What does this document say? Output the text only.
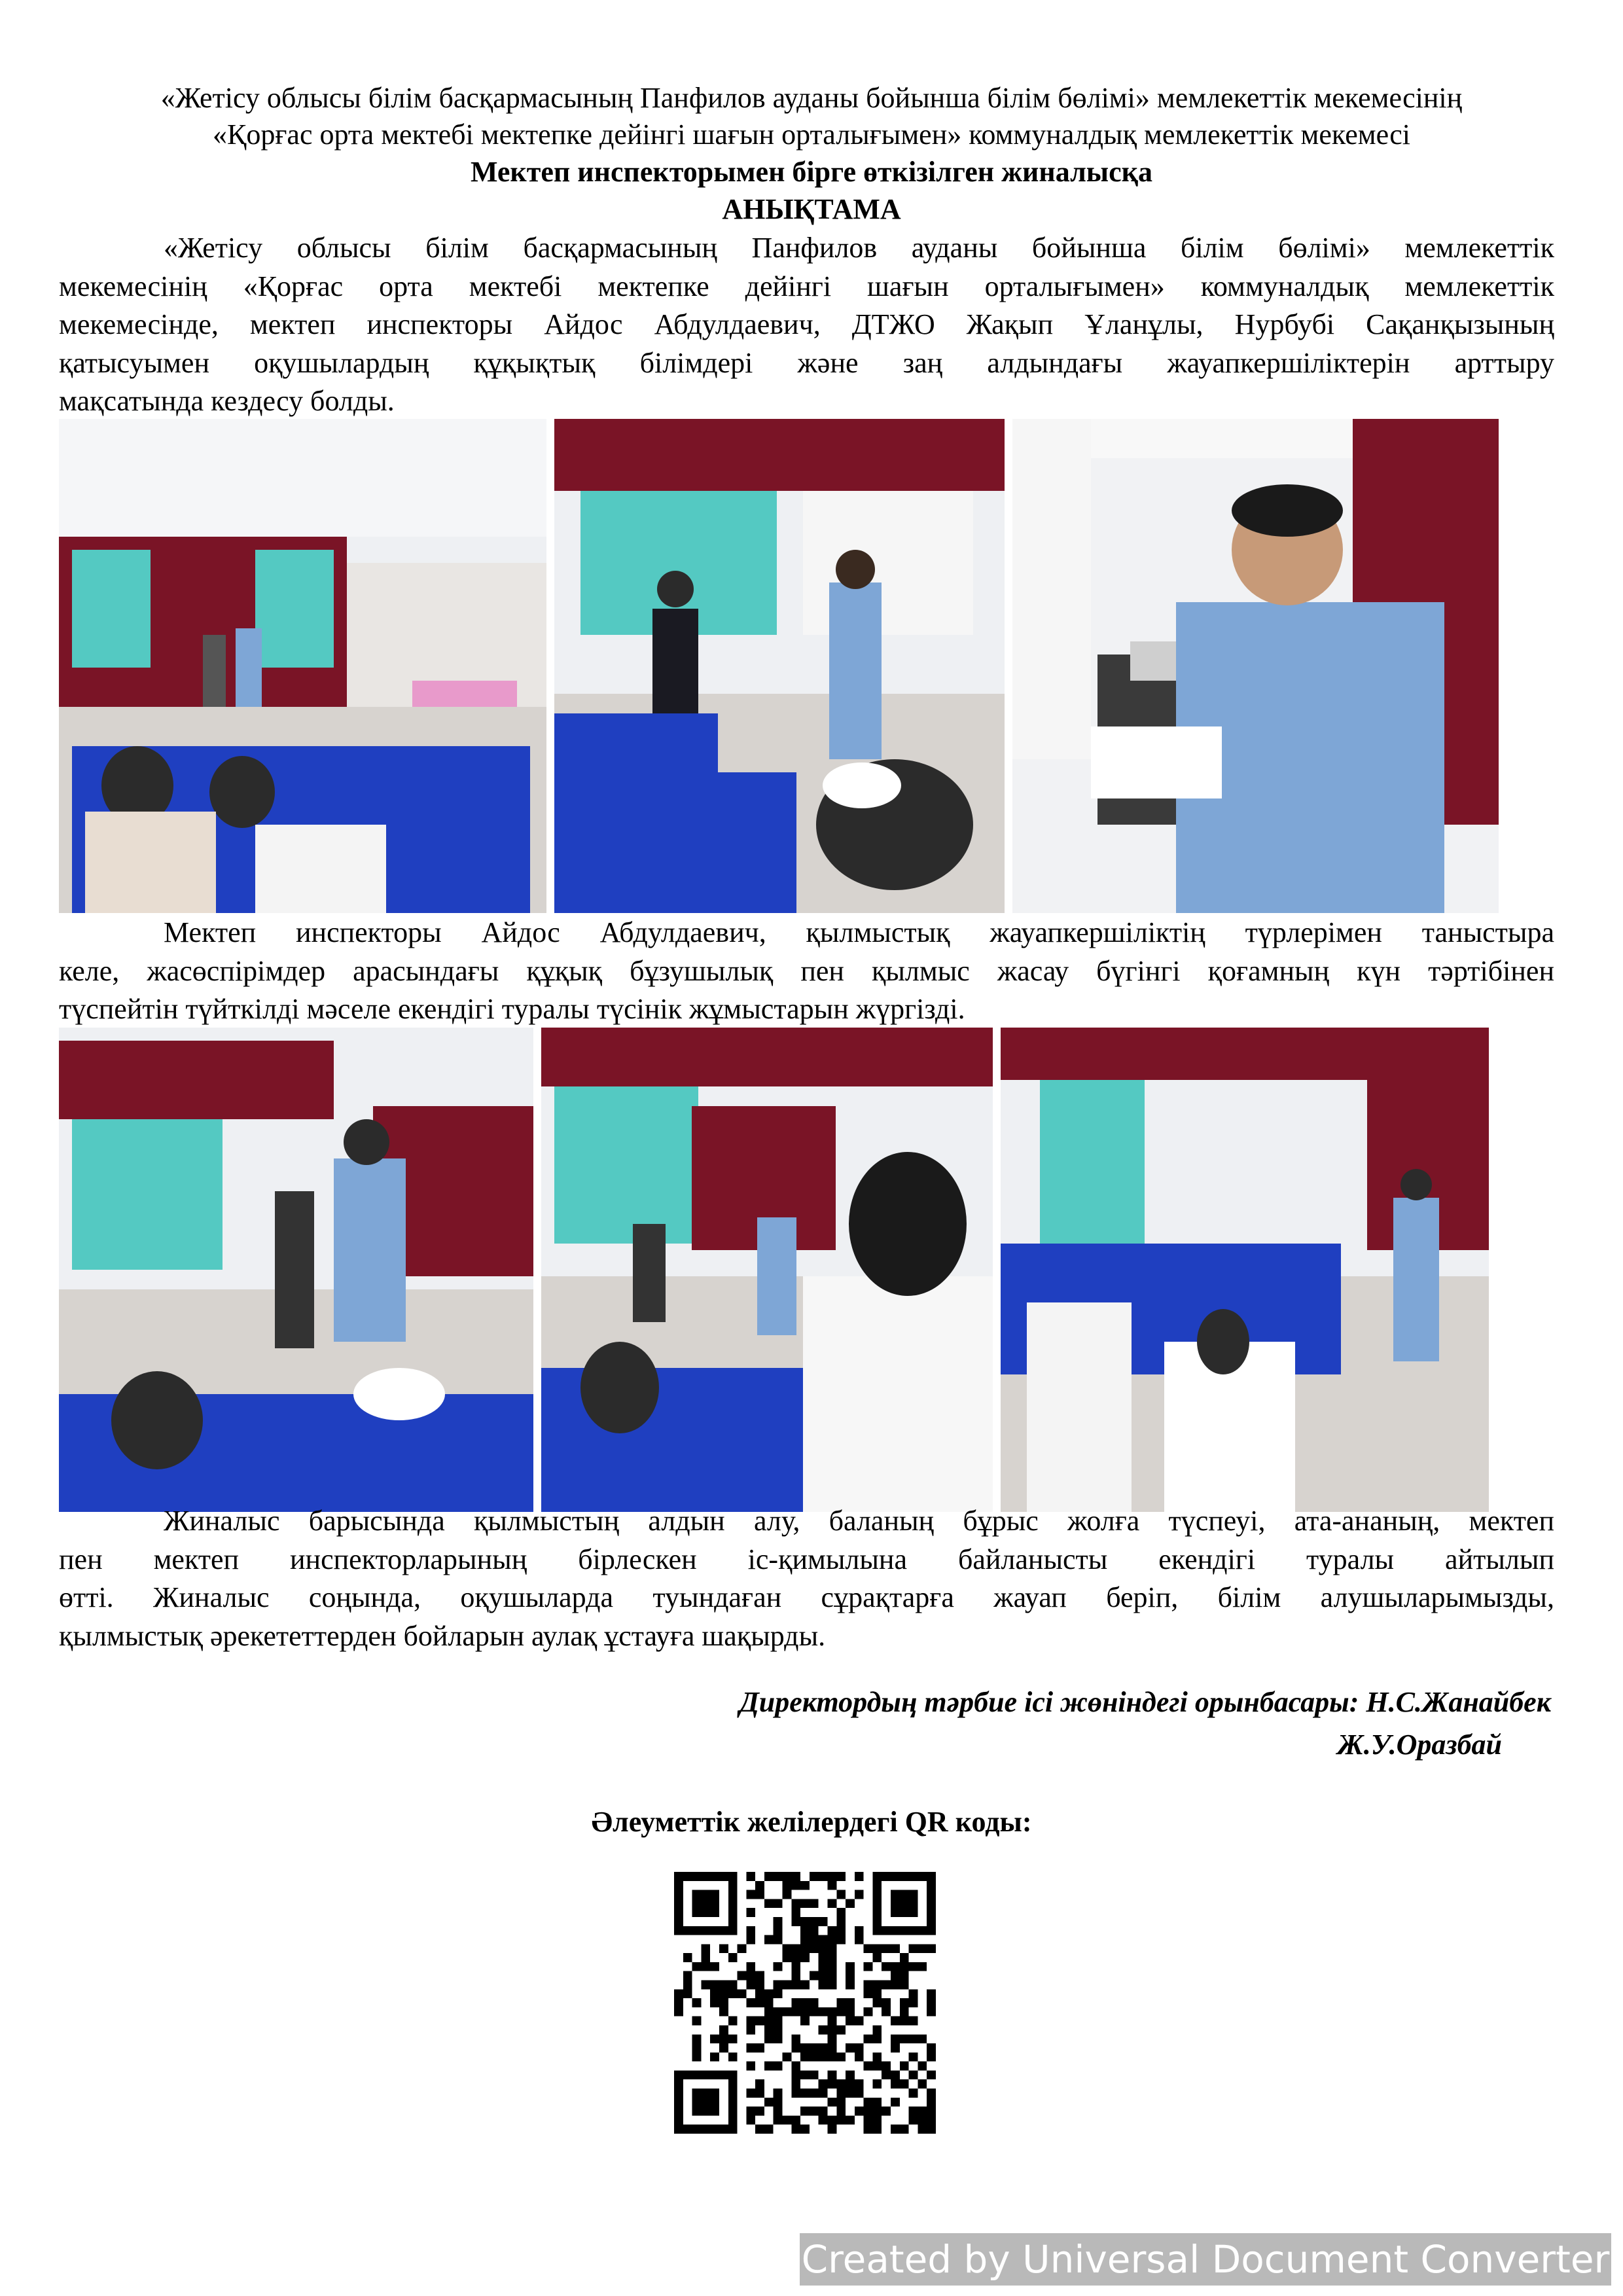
«Жетісу облысы білім басқармасының Панфилов ауданы бойынша білім бөлімі» мемлекеттік мекемесінің
«Қорғас орта мектебі мектепке дейінгі шағын орталығымен» коммуналдық мемлекеттік мекемесі
Мектеп инспекторымен бірге өткізілген жиналысқа
АНЫҚТАМА

«Жетісу облысы білім басқармасының Панфилов ауданы бойынша білім бөлімі» мемлекеттік
мекемесінің «Қорғас орта мектебі мектепке дейінгі шағын орталығымен» коммуналдық мемлекеттік
мекемесінде, мектеп инспекторы Айдос Абдулдаевич, ДТЖО Жақып Ұланұлы, Нурбубі Сақанқызының
қатысуымен оқушылардың құқықтық білімдері және заң алдындағы жауапкершіліктерін арттыру
мақсатында кездесу болды.

Мектеп инспекторы Айдос Абдулдаевич, қылмыстық жауапкершіліктің түрлерімен таныстыра
келе, жасөспірімдер арасындағы құқық бұзушылық пен қылмыс жасау бүгінгі қоғамның күн тәртібінен
түспейтін түйткілді мәселе екендігі туралы түсінік жұмыстарын жүргізді.

Жиналыс барысында қылмыстың алдын алу, баланың бұрыс жолға түспеуі, ата-ананың, мектеп
пен мектеп инспекторларының бірлескен іс-қимылына байланысты екендігі туралы айтылып
өтті. Жиналыс соңында, оқушыларда туындаған сұрақтарға жауап беріп, білім алушыларымызды,
қылмыстық әрекететтерден бойларын аулақ ұстауға шақырды.

Директордың тәрбие ісі жөніндегі орынбасары: Н.С.Жанайбек
Ж.У.Оразбай
Әлеуметтік желілердегі QR коды:
Created by Universal Document Converter
